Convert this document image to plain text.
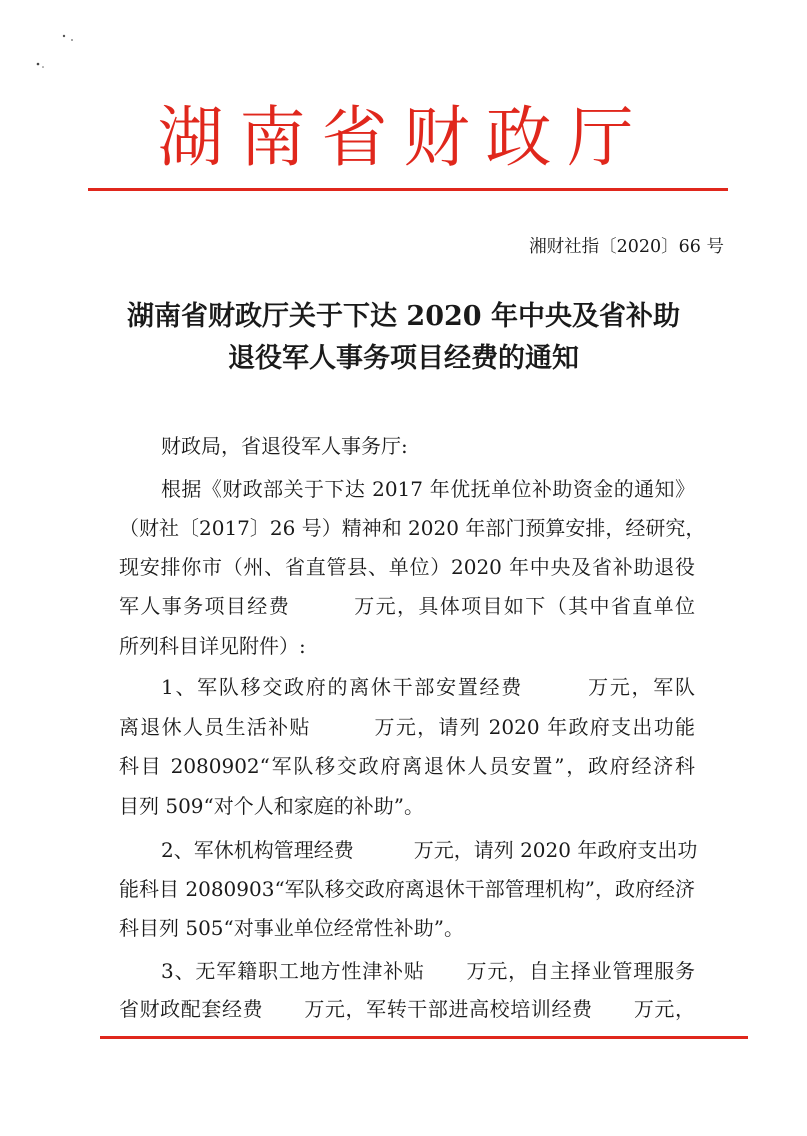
湖南省财政厅
湘财社指〔2020〕66 号
湖南省财政厅关于下达 2020 年中央及省补助
退役军人事务项目经费的通知
财政局，省退役军人事务厅:
根据《财政部关于下达 2017 年优抚单位补助资金的通知》
（财社〔2017〕26 号）精神和 2020 年部门预算安排，经研究，
现安排你市（州、省直管县、单位）2020 年中央及省补助退役
军人事务项目经费　　　万元，具体项目如下（其中省直单位
所列科目详见附件）:
1、军队移交政府的离休干部安置经费　　　万元，军队
离退休人员生活补贴　　　万元，请列 2020 年政府支出功能
科目 2080902“军队移交政府离退休人员安置”，政府经济科
目列 509“对个人和家庭的补助”。
2、军休机构管理经费　　　万元，请列 2020 年政府支出功
能科目 2080903“军队移交政府离退休干部管理机构”，政府经济
科目列 505“对事业单位经常性补助”。
3、无军籍职工地方性津补贴　　万元，自主择业管理服务
省财政配套经费　　万元，军转干部进高校培训经费　　万元，
